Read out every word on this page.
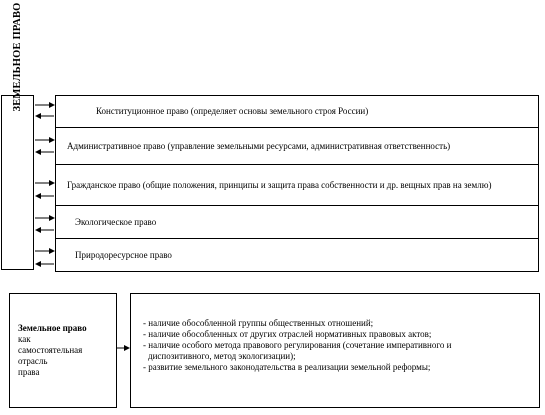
ЗЕМЕЛЬНОЕ ПРАВО	Конституционное право (определяет основы земельного строя России)
Административное право (управление земельными ресурсами, административная ответственность)
Гражданское право (общие положения, принципы и защита права собственности и др. вещных прав на землю)
Экологическое право
Природоресурсное право
Земельное право
как
самостоятельная
отрасль
права
- наличие обособленной группы общественных отношений;
- наличие обособленных от других отраслей нормативных правовых актов;
- наличие особого метода правового регулирования (сочетание императивного и
диспозитивного, метод экологизации);
- развитие земельного законодательства в реализации земельной реформы;
